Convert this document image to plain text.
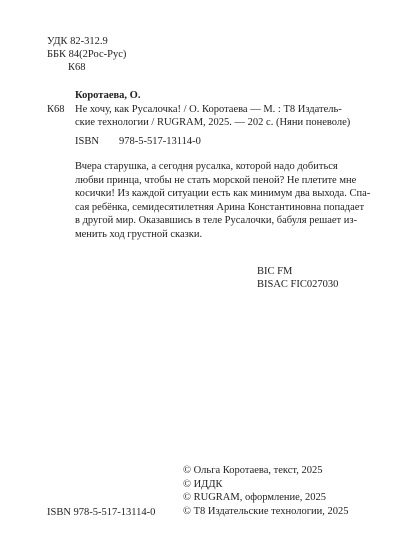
УДК 82-312.9
ББК 84(2Рос-Рус)
К68
Коротаева, О.
К68 Не хочу, как Русалочка! / О. Коротаева — М. : Т8 Издатель-
ские технологии / RUGRAM, 2025. — 202 с. (Няни поневоле)
ISBN 978-5-517-13114-0
Вчера старушка, а сегодня русалка, которой надо добиться
любви принца, чтобы не стать морской пеной? Не плетите мне
косички! Из каждой ситуации есть как минимум два выхода. Спа-
сая ребёнка, семидесятилетняя Арина Константиновна попадает
в другой мир. Оказавшись в теле Русалочки, бабуля решает из-
менить ход грустной сказки.
BIC FM
BISAC FIC027030
ISBN 978-5-517-13114-0
© Ольга Коротаева, текст, 2025
© ИДДК
© RUGRAM, оформление, 2025
© Т8 Издательские технологии, 2025
